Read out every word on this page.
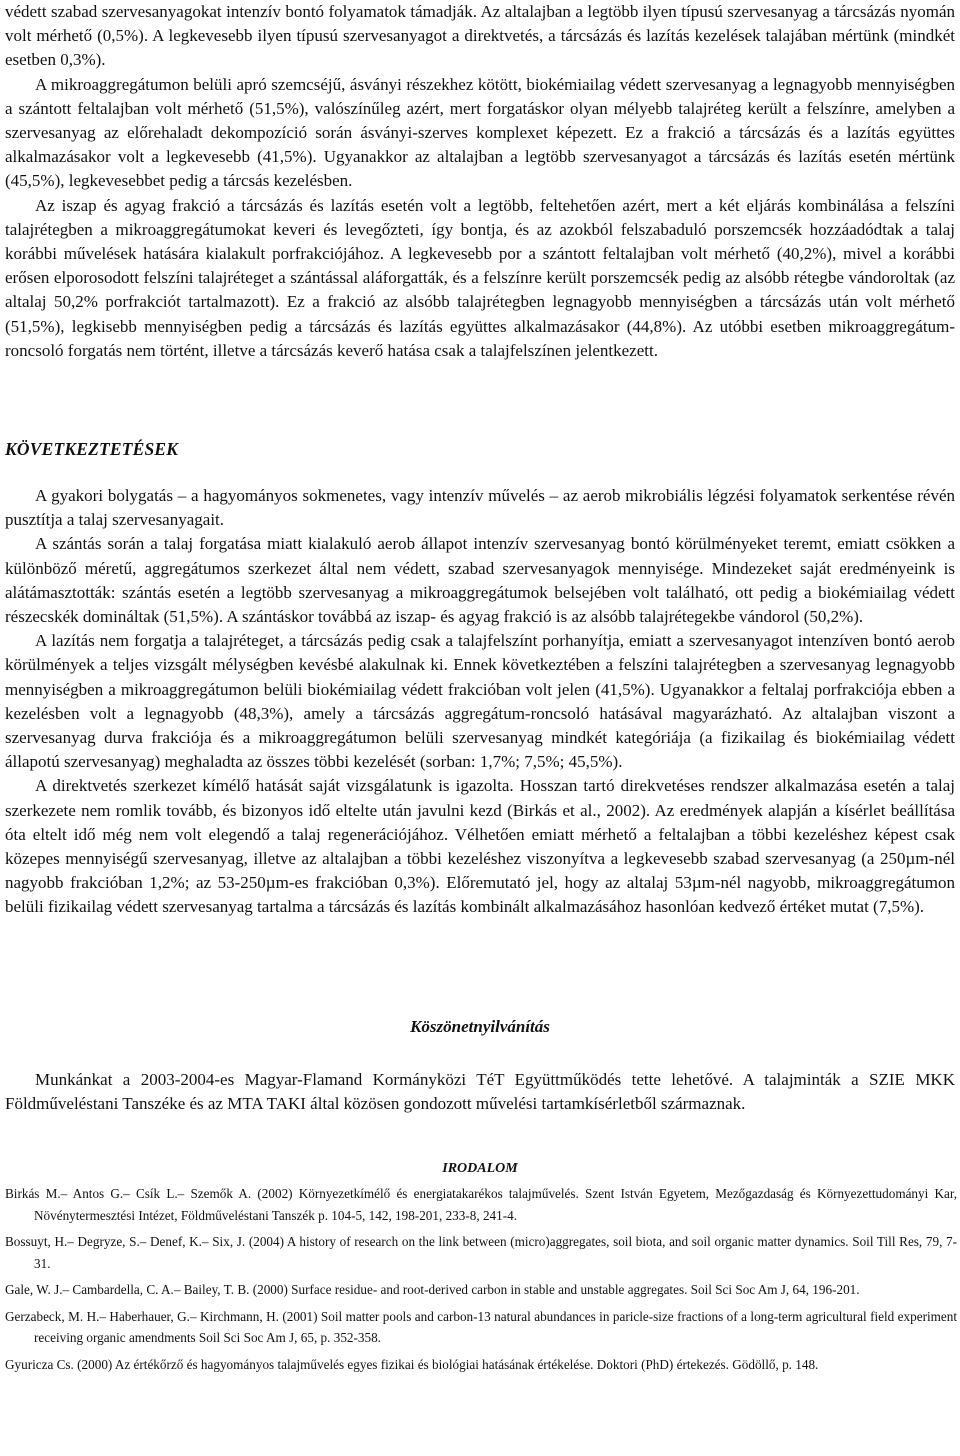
védett szabad szervesanyagokat intenzív bontó folyamatok támadják. Az altalajban a legtöbb ilyen típusú szervesanyag a tárcsázás nyomán volt mérhető (0,5%). A legkevesebb ilyen típusú szervesanyagot a direktvetés, a tárcsázás és lazítás kezelések talajában mértünk (mindkét esetben 0,3%).

A mikroaggregátumon belüli apró szemcséjű, ásványi részekhez kötött, biokémiailag védett szervesanyag a legnagyobb mennyiségben a szántott feltalajban volt mérhető (51,5%), valószínűleg azért, mert forgatáskor olyan mélyebb talajréteg került a felszínre, amelyben a szervesanyag az előrehaladt dekompozíció során ásványi-szerves komplexet képezett. Ez a frakció a tárcsázás és a lazítás együttes alkalmazásakor volt a legkevesebb (41,5%). Ugyanakkor az altalajban a legtöbb szervesanyagot a tárcsázás és lazítás esetén mértünk (45,5%), legkevesebbet pedig a tárcsás kezelésben.

Az iszap és agyag frakció a tárcsázás és lazítás esetén volt a legtöbb, feltehetően azért, mert a két eljárás kombinálása a felszíni talajrétegben a mikroaggregátumokat keveri és levegőzteti, így bontja, és az azokból felszabaduló porszemcsék hozzáadódtak a talaj korábbi művelések hatására kialakult porfrakciójához. A legkevesebb por a szántott feltalajban volt mérhető (40,2%), mivel a korábbi erősen elporosodott felszíni talajréteget a szántással aláforgatták, és a felszínre került porszemcsék pedig az alsóbb rétegbe vándoroltak (az altalaj 50,2% porfrakciót tartalmazott). Ez a frakció az alsóbb talajrétegben legnagyobb mennyiségben a tárcsázás után volt mérhető (51,5%), legkisebb mennyiségben pedig a tárcsázás és lazítás együttes alkalmazásakor (44,8%). Az utóbbi esetben mikroaggregátum-roncsoló forgatás nem történt, illetve a tárcsázás keverő hatása csak a talajfelszínen jelentkezett.

KÖVETKEZTETÉSEK

A gyakori bolygatás – a hagyományos sokmenetes, vagy intenzív művelés – az aerob mikrobiális légzési folyamatok serkentése révén pusztítja a talaj szervesanyagait.

A szántás során a talaj forgatása miatt kialakuló aerob állapot intenzív szervesanyag bontó körülményeket teremt, emiatt csökken a különböző méretű, aggregátumos szerkezet által nem védett, szabad szervesanyagok mennyisége. Mindezeket saját eredményeink is alátámasztották: szántás esetén a legtöbb szervesanyag a mikroaggregátumok belsejében volt található, ott pedig a biokémiailag védett részecskék domináltak (51,5%). A szántáskor továbbá az iszap- és agyag frakció is az alsóbb talajrétegekbe vándorol (50,2%).

A lazítás nem forgatja a talajréteget, a tárcsázás pedig csak a talajfelszínt porhanyítja, emiatt a szervesanyagot intenzíven bontó aerob körülmények a teljes vizsgált mélységben kevésbé alakulnak ki. Ennek következtében a felszíni talajrétegben a szervesanyag legnagyobb mennyiségben a mikroaggregátumon belüli biokémiailag védett frakcióban volt jelen (41,5%). Ugyanakkor a feltalaj porfrakciója ebben a kezelésben volt a legnagyobb (48,3%), amely a tárcsázás aggregátum-roncsoló hatásával magyarázható. Az altalajban viszont a szervesanyag durva frakciója és a mikroaggregátumon belüli szervesanyag mindkét kategóriája (a fizikailag és biokémiailag védett állapotú szervesanyag) meghaladta az összes többi kezelését (sorban: 1,7%; 7,5%; 45,5%).

A direktvetés szerkezet kímélő hatását saját vizsgálatunk is igazolta. Hosszan tartó direkvetéses rendszer alkalmazása esetén a talaj szerkezete nem romlik tovább, és bizonyos idő eltelte után javulni kezd (Birkás et al., 2002). Az eredmények alapján a kísérlet beállítása óta eltelt idő még nem volt elegendő a talaj regenerációjához. Vélhetően emiatt mérhető a feltalajban a többi kezeléshez képest csak közepes mennyiségű szervesanyag, illetve az altalajban a többi kezeléshez viszonyítva a legkevesebb szabad szervesanyag (a 250µm-nél nagyobb frakcióban 1,2%; az 53-250µm-es frakcióban 0,3%). Előremutató jel, hogy az altalaj 53µm-nél nagyobb, mikroaggregátumon belüli fizikailag védett szervesanyag tartalma a tárcsázás és lazítás kombinált alkalmazásához hasonlóan kedvező értéket mutat (7,5%).

Köszönetnyilvánítás

Munkánkat a 2003-2004-es Magyar-Flamand Kormányközi TéT Együttműködés tette lehetővé. A talajminták a SZIE MKK Földműveléstani Tanszéke és az MTA TAKI által közösen gondozott művelési tartamkísérletből származnak.

IRODALOM

Birkás M.– Antos G.– Csík L.– Szemők A. (2002) Környezetkímélő és energiatakarékos talajművelés. Szent István Egyetem, Mezőgazdaság és Környezettudományi Kar, Növénytermesztési Intézet, Földműveléstani Tanszék p. 104-5, 142, 198-201, 233-8, 241-4.

Bossuyt, H.– Degryze, S.– Denef, K.– Six, J. (2004) A history of research on the link between (micro)aggregates, soil biota, and soil organic matter dynamics. Soil Till Res, 79, 7-31.

Gale, W. J.– Cambardella, C. A.– Bailey, T. B. (2000) Surface residue- and root-derived carbon in stable and unstable aggregates. Soil Sci Soc Am J, 64, 196-201.

Gerzabeck, M. H.– Haberhauer, G.– Kirchmann, H. (2001) Soil matter pools and carbon-13 natural abundances in paricle-size fractions of a long-term agricultural field experiment receiving organic amendments Soil Sci Soc Am J, 65, p. 352-358.

Gyuricza Cs. (2000) Az értékőrző és hagyományos talajművelés egyes fizikai és biológiai hatásának értékelése. Doktori (PhD) értekezés. Gödöllő, p. 148.
